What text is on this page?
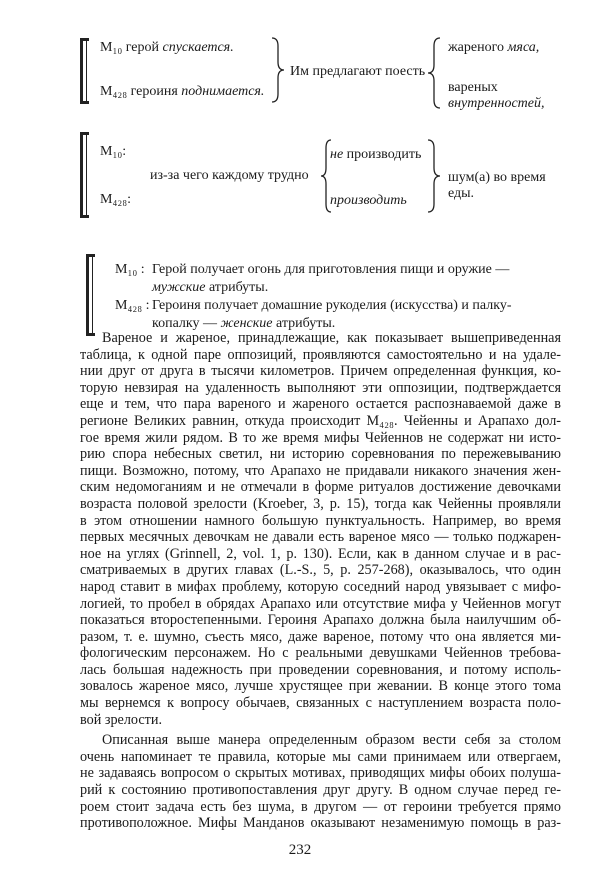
M₁₀ герой спускается.
M₄₂₈ героиня поднимается.
Им предлагают поесть
жареного мяса,
вареных
внутренностей,
M₁₀:
M₄₂₈:
из-за чего каждому трудно
не производить
производить
шум(а) во время
еды.
M₁₀ : Герой получает огонь для приготовления пищи и оружие —
мужские атрибуты.
M₄₂₈ : Героиня получает домашние рукоделия (искусства) и палку-
копалку — женские атрибуты.
Вареное и жареное, принадлежащие, как показывает вышеприведенная
таблица, к одной паре оппозиций, проявляются самостоятельно и на удале-
нии друг от друга в тысячи километров. Причем определенная функция, ко-
торую невзирая на удаленность выполняют эти оппозиции, подтверждается
еще и тем, что пара вареного и жареного остается распознаваемой даже в
регионе Великих равнин, откуда происходит M₄₂₈. Чейенны и Арапахо дол-
гое время жили рядом. В то же время мифы Чейеннов не содержат ни исто-
рию спора небесных светил, ни историю соревнования по пережевыванию
пищи. Возможно, потому, что Арапахо не придавали никакого значения жен-
ским недомоганиям и не отмечали в форме ритуалов достижение девочками
возраста половой зрелости (Kroeber, 3, p. 15), тогда как Чейенны проявляли
в этом отношении намного большую пунктуальность. Например, во время
первых месячных девочкам не давали есть вареное мясо — только поджарен-
ное на углях (Grinnell, 2, vol. 1, p. 130). Если, как в данном случае и в рас-
сматриваемых в других главах (L.-S., 5, p. 257-268), оказывалось, что один
народ ставит в мифах проблему, которую соседний народ увязывает с мифо-
логией, то пробел в обрядах Арапахо или отсутствие мифа у Чейеннов могут
показаться второстепенными. Героиня Арапахо должна была наилучшим об-
разом, т. е. шумно, съесть мясо, даже вареное, потому что она является ми-
фологическим персонажем. Но с реальными девушками Чейеннов требова-
лась большая надежность при проведении соревнования, и потому исполь-
зовалось жареное мясо, лучше хрустящее при жевании. В конце этого тома
мы вернемся к вопросу обычаев, связанных с наступлением возраста поло-
вой зрелости.
Описанная выше манера определенным образом вести себя за столом
очень напоминает те правила, которые мы сами принимаем или отвергаем,
не задаваясь вопросом о скрытых мотивах, приводящих мифы обоих полуша-
рий к состоянию противопоставления друг другу. В одном случае перед ге-
роем стоит задача есть без шума, в другом — от героини требуется прямо
противоположное. Мифы Манданов оказывают незаменимую помощь в раз-
232
